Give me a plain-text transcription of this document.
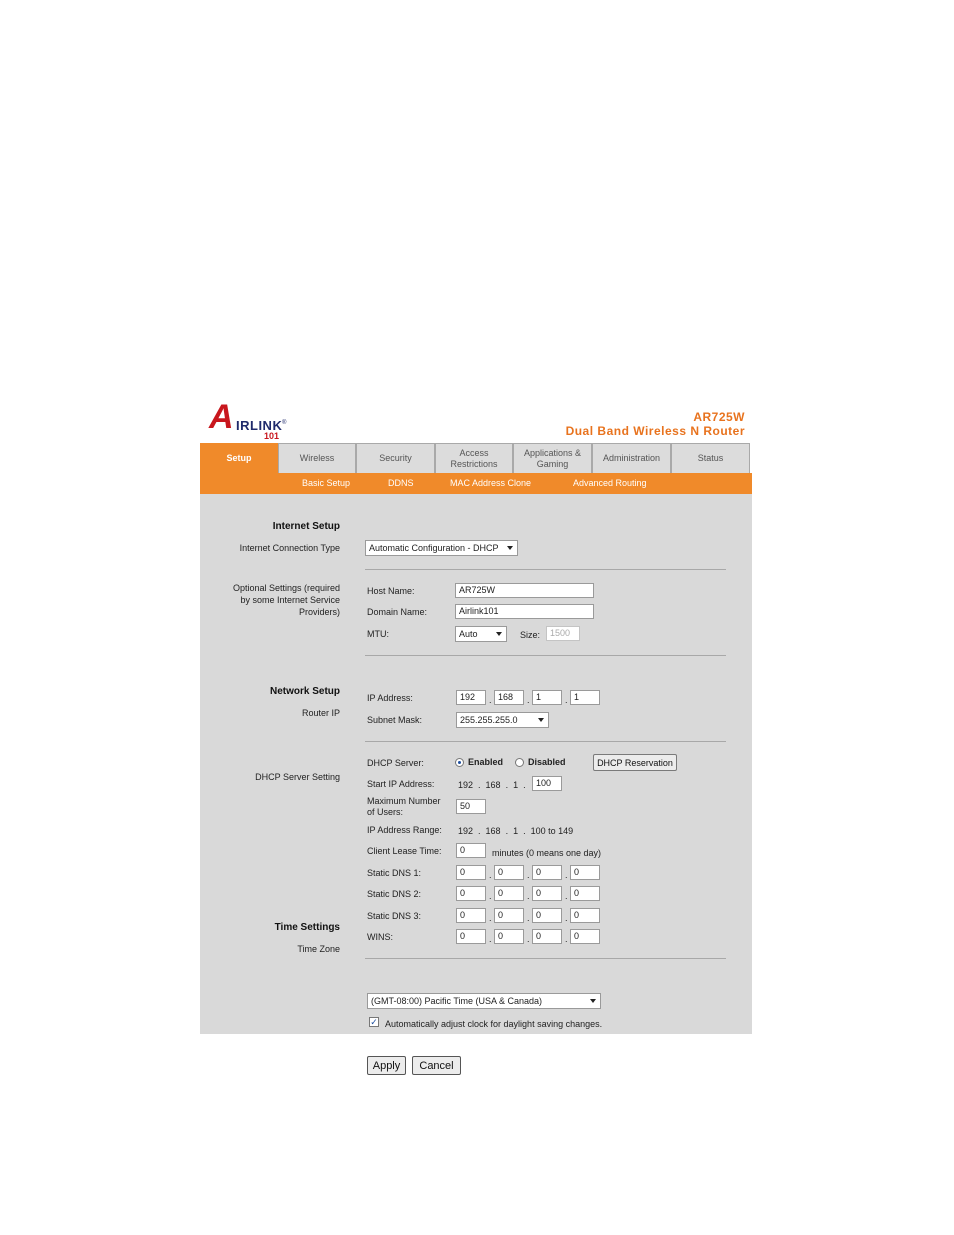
A IRLINK
101
®	AR725W
Dual Band Wireless N Router
Setup	Wireless	Security
Access Restrictions
Applications & Gaming
Administration	Status
Basic Setup	DDNS	MAC Address Clone	Advanced Routing
Internet Setup
Internet Connection Type	Automatic Configuration - DHCP
Optional Settings (required
by some Internet Service
Providers)
Host Name:	AR725W
Domain Name:	Airlink101
MTU:	Auto	Size:	1500
Network Setup
Router IP
IP Address:	192	. 168	. 1	. 1
Subnet Mask:	255.255.255.0
DHCP Server Setting
DHCP Server:	Enabled	Disabled	DHCP Reservation
Start IP Address:	192  .  168  .  1  .	100
Maximum Number
of Users:
50
IP Address Range: 192  .  168  .  1  .  100 to 149
Client Lease Time:	0	minutes (0 means one day)
Static DNS 1:	0	. 0	. 0	. 0
Static DNS 2:	0	. 0	. 0	. 0
Static DNS 3:	0	. 0	. 0	. 0
WINS:	0	. 0	. 0	. 0
Time Settings
Time Zone
(GMT-08:00) Pacific Time (USA & Canada)
✓ Automatically adjust clock for daylight saving changes.
Apply	Cancel
